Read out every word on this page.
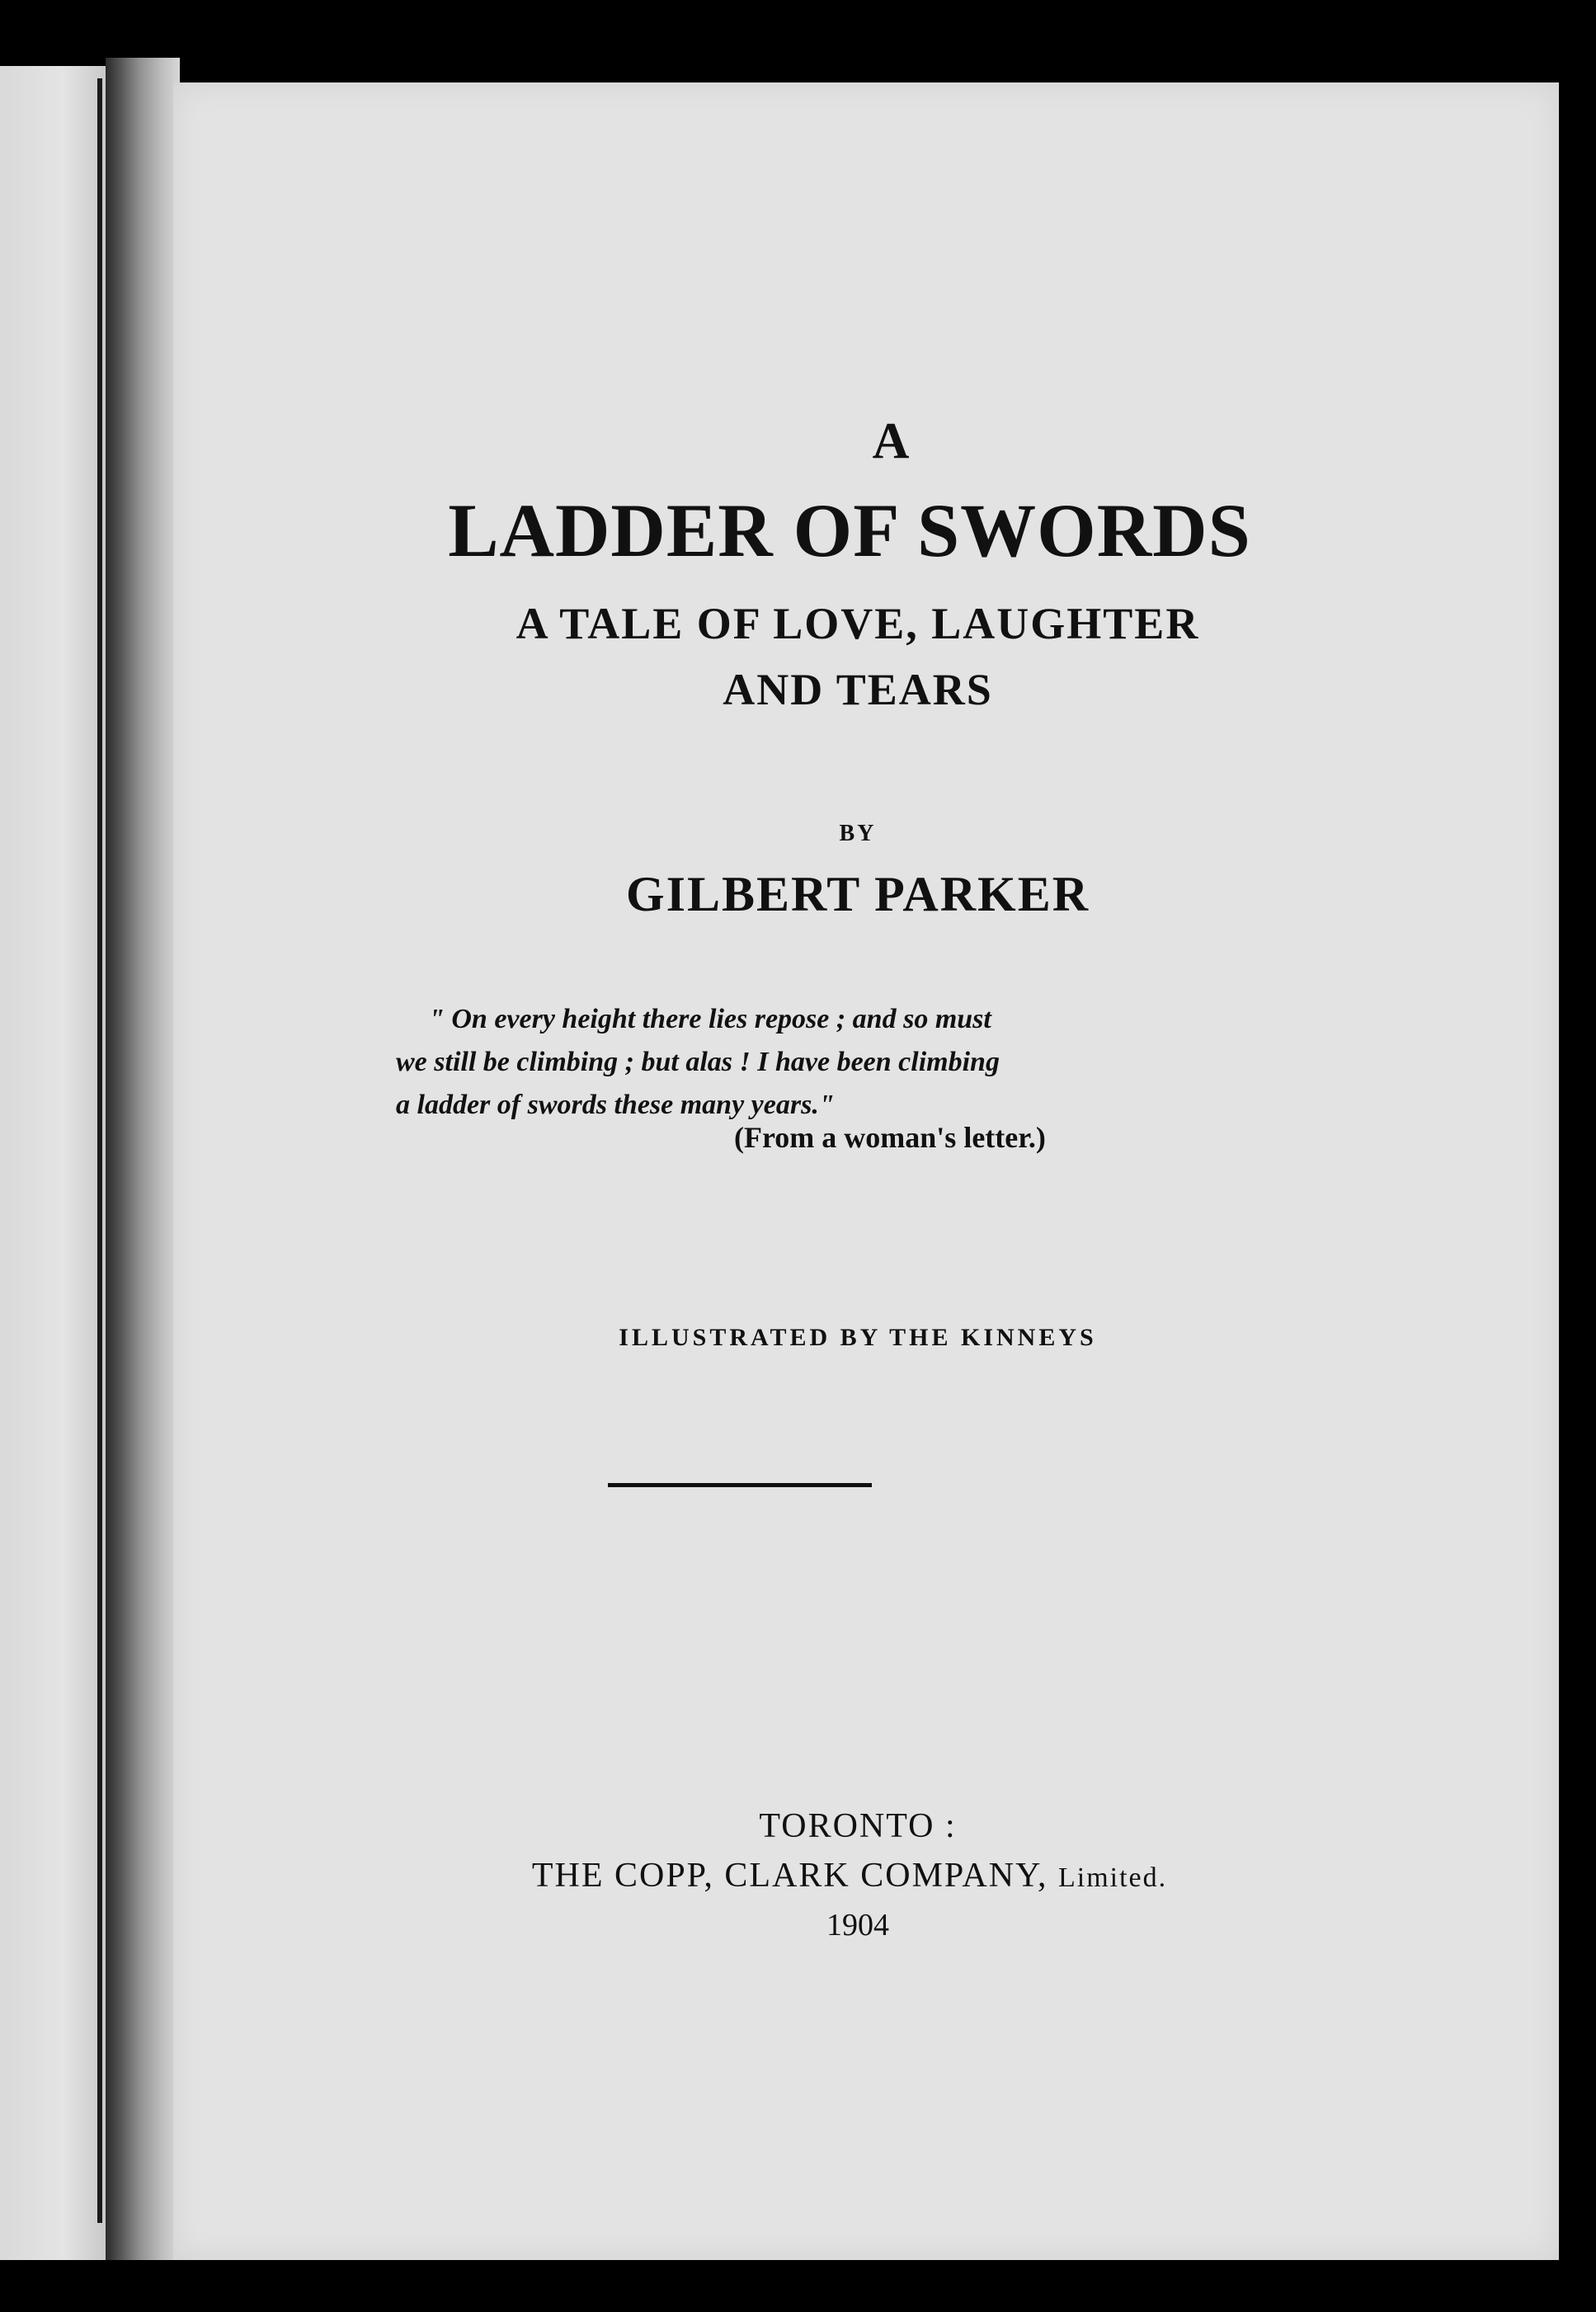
A
LADDER OF SWORDS
A TALE OF LOVE, LAUGHTER
AND TEARS
BY
GILBERT PARKER
" On every height there lies repose ; and so must
we still be climbing ; but alas ! I have been climbing
a ladder of swords these many years."
(From a woman's letter.)
ILLUSTRATED BY THE KINNEYS
TORONTO :
THE COPP, CLARK COMPANY, Limited.
1904
